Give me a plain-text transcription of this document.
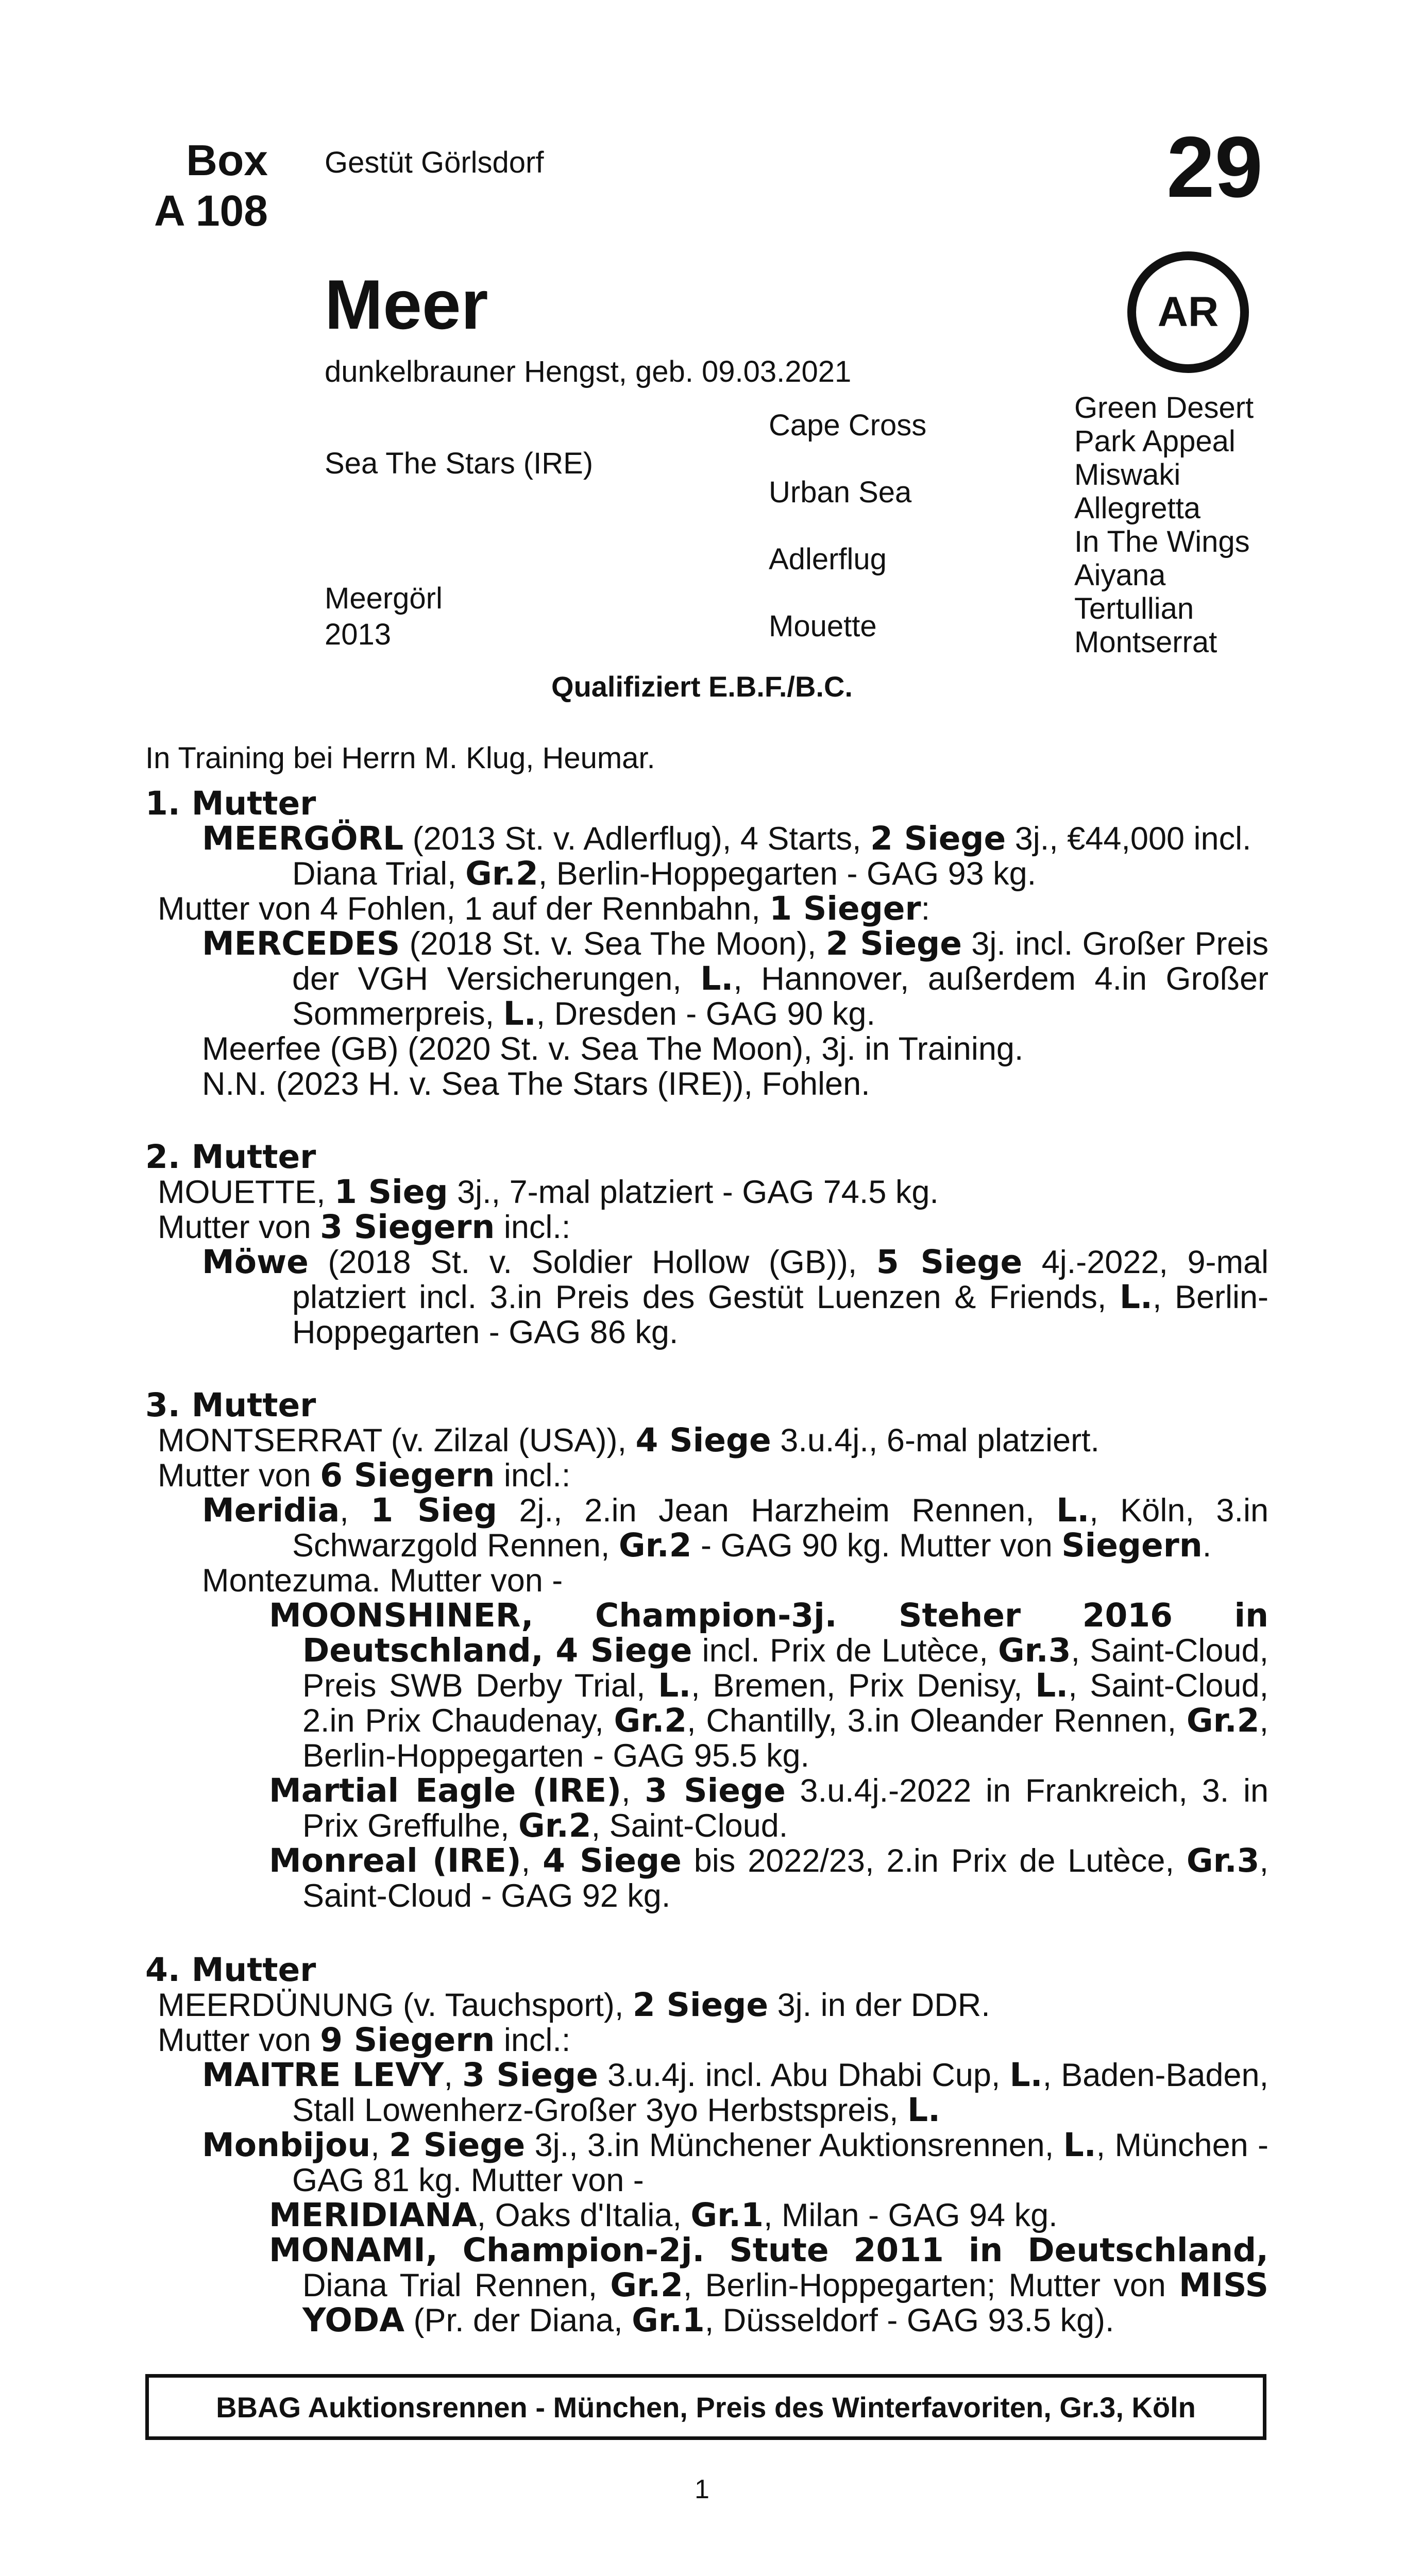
Box
A 108
Gestüt Görlsdorf	29
AR
Meer
dunkelbrauner Hengst, geb. 09.03.2021
Sea The Stars (IRE)
Meergörl
2013
Cape Cross
Urban Sea
Adlerflug
Mouette
Green Desert
Park Appeal
Miswaki
Allegretta
In The Wings
Aiyana
Tertullian
Montserrat
Qualifiziert E.B.F./B.C.
In Training bei Herrn M. Klug, Heumar.
1. Mutter
MEERGÖRL (2013 St. v. Adlerflug), 4 Starts, 2 Siege 3j., €44,000 incl. Diana Trial, Gr.2, Berlin-Hoppegarten - GAG 93 kg.
Mutter von 4 Fohlen, 1 auf der Rennbahn, 1 Sieger:
MERCEDES (2018 St. v. Sea The Moon), 2 Siege 3j. incl. Großer Preis der VGH Versicherungen, L., Hannover, außerdem 4.in Großer Sommerpreis, L., Dresden - GAG 90 kg.
Meerfee (GB) (2020 St. v. Sea The Moon), 3j. in Training.
N.N. (2023 H. v. Sea The Stars (IRE)), Fohlen.
2. Mutter
MOUETTE, 1 Sieg 3j., 7-mal platziert - GAG 74.5 kg.
Mutter von 3 Siegern incl.:
Möwe (2018 St. v. Soldier Hollow (GB)), 5 Siege 4j.-2022, 9-mal platziert incl. 3.in Preis des Gestüt Luenzen & Friends, L., Berlin-Hoppegarten - GAG 86 kg.
3. Mutter
MONTSERRAT (v. Zilzal (USA)), 4 Siege 3.u.4j., 6-mal platziert.
Mutter von 6 Siegern incl.:
Meridia, 1 Sieg 2j., 2.in Jean Harzheim Rennen, L., Köln, 3.in Schwarzgold Rennen, Gr.2 - GAG 90 kg. Mutter von Siegern.
Montezuma. Mutter von -
MOONSHINER, Champion-3j. Steher 2016 in Deutschland, 4 Siege incl. Prix de Lutèce, Gr.3, Saint-Cloud, Preis SWB Derby Trial, L., Bremen, Prix Denisy, L., Saint-Cloud, 2.in Prix Chaudenay, Gr.2, Chantilly, 3.in Oleander Rennen, Gr.2, Berlin-Hoppegarten - GAG 95.5 kg.
Martial Eagle (IRE), 3 Siege 3.u.4j.-2022 in Frankreich, 3. in Prix Greffulhe, Gr.2, Saint-Cloud.
Monreal (IRE), 4 Siege bis 2022/23, 2.in Prix de Lutèce, Gr.3, Saint-Cloud - GAG 92 kg.
4. Mutter
MEERDÜNUNG (v. Tauchsport), 2 Siege 3j. in der DDR.
Mutter von 9 Siegern incl.:
MAITRE LEVY, 3 Siege 3.u.4j. incl. Abu Dhabi Cup, L., Baden-Baden, Stall Lowenherz-Großer 3yo Herbstspreis, L.
Monbijou, 2 Siege 3j., 3.in Münchener Auktionsrennen, L., München - GAG 81 kg. Mutter von -
MERIDIANA, Oaks d'Italia, Gr.1, Milan - GAG 94 kg.
MONAMI, Champion-2j. Stute 2011 in Deutschland, Diana Trial Rennen, Gr.2, Berlin-Hoppegarten; Mutter von MISS YODA (Pr. der Diana, Gr.1, Düsseldorf - GAG 93.5 kg).
BBAG Auktionsrennen - München, Preis des Winterfavoriten, Gr.3, Köln
1
